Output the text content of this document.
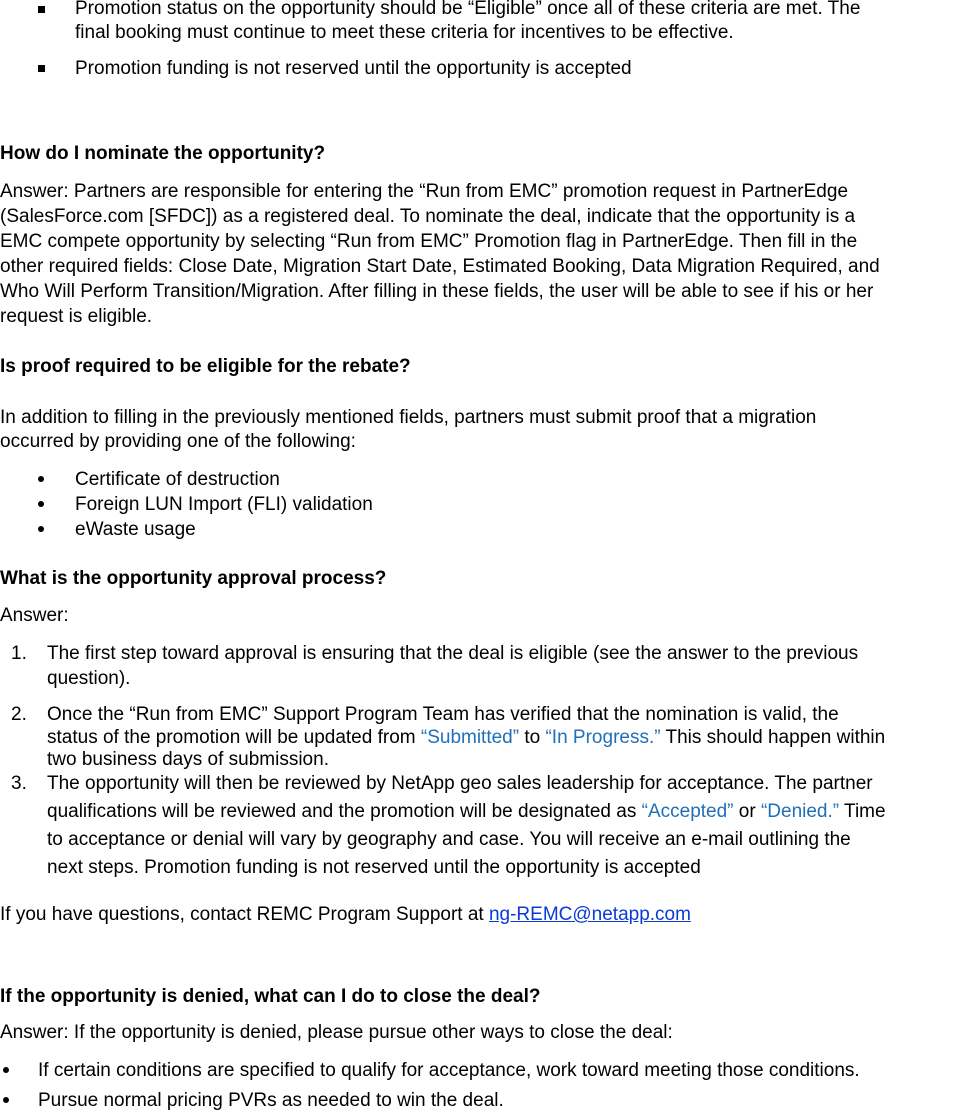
Promotion status on the opportunity should be “Eligible” once all of these criteria are met. The
final booking must continue to meet these criteria for incentives to be effective.
Promotion funding is not reserved until the opportunity is accepted
How do I nominate the opportunity?
Answer: Partners are responsible for entering the “Run from EMC” promotion request in PartnerEdge
(SalesForce.com [SFDC]) as a registered deal. To nominate the deal, indicate that the opportunity is a
EMC compete opportunity by selecting “Run from EMC” Promotion flag in PartnerEdge. Then fill in the
other required fields: Close Date, Migration Start Date, Estimated Booking, Data Migration Required, and
Who Will Perform Transition/Migration. After filling in these fields, the user will be able to see if his or her
request is eligible.
Is proof required to be eligible for the rebate?
In addition to filling in the previously mentioned fields, partners must submit proof that a migration
occurred by providing one of the following:
Certificate of destruction
Foreign LUN Import (FLI) validation
eWaste usage
What is the opportunity approval process?
Answer:
1. The first step toward approval is ensuring that the deal is eligible (see the answer to the previous
question).
2. Once the “Run from EMC” Support Program Team has verified that the nomination is valid, the
status of the promotion will be updated from “Submitted” to “In Progress.” This should happen within
two business days of submission.
3. The opportunity will then be reviewed by NetApp geo sales leadership for acceptance. The partner
qualifications will be reviewed and the promotion will be designated as “Accepted” or “Denied.” Time
to acceptance or denial will vary by geography and case. You will receive an e-mail outlining the
next steps. Promotion funding is not reserved until the opportunity is accepted
If you have questions, contact REMC Program Support at ng-REMC@netapp.com
If the opportunity is denied, what can I do to close the deal?
Answer: If the opportunity is denied, please pursue other ways to close the deal:
If certain conditions are specified to qualify for acceptance, work toward meeting those conditions.
Pursue normal pricing PVRs as needed to win the deal.
